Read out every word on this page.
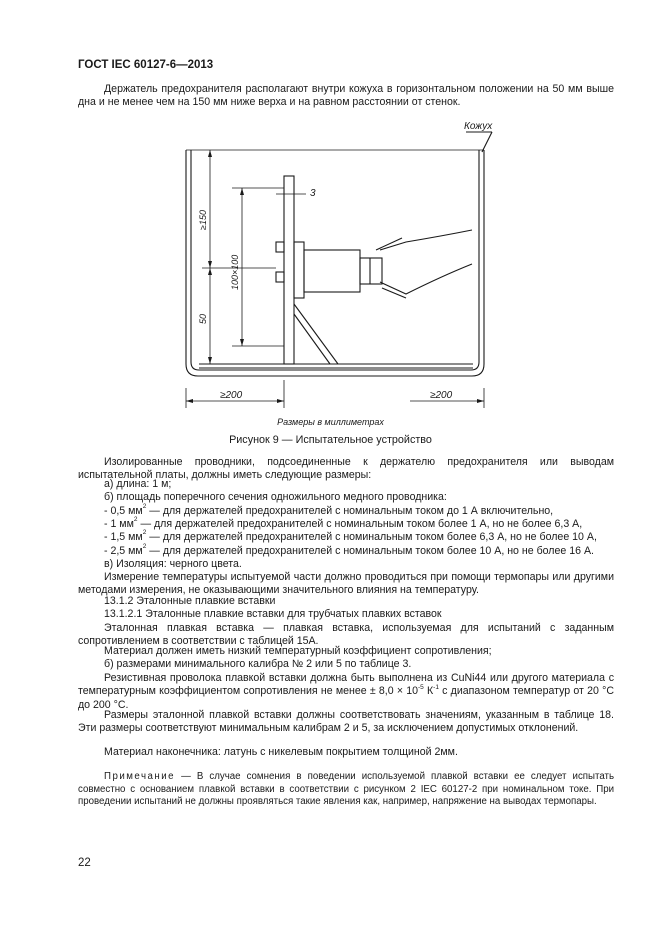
ГОСТ IEC 60127-6—2013

Держатель предохранителя располагают внутри кожуха в горизонтальном положении на 50 мм выше дна и не менее чем на 150 мм ниже верха и на равном расстоянии от стенок.

Кожух
3
≥150
100×100
50
≥200	≥200
Размеры в миллиметрах
Рисунок 9 — Испытательное устройство

Изолированные проводники, подсоединенные к держателю предохранителя или выводам испытательной платы, должны иметь следующие размеры:

а) длина: 1 м;

б) площадь поперечного сечения одножильного медного проводника:

- 0,5 $мм^2$ — для держателей предохранителей с номинальным током до 1 А включительно,

- 1 $мм^2$ — для держателей предохранителей с номинальным током более 1 А, но не более 6,3 А,

- 1,5 $мм^2$ — для держателей предохранителей с номинальным током более 6,3 А, но не более 10 А,

- 2,5 $мм^2$ — для держателей предохранителей с номинальным током более 10 А, но не более 16 А.

в) Изоляция: черного цвета.

Измерение температуры испытуемой части должно проводиться при помощи термопары или другими методами измерения, не оказывающими значительного влияния на температуру.

13.1.2 Эталонные плавкие вставки

13.1.2.1 Эталонные плавкие вставки для трубчатых плавких вставок

Эталонная плавкая вставка — плавкая вставка, используемая для испытаний с заданным сопротивлением в соответствии с таблицей 15А.

Материал должен иметь низкий температурный коэффициент сопротивления;

б) размерами минимального калибра № 2 или 5 по таблице 3.

Резистивная проволока плавкой вставки должна быть выполнена из CuNi44 или другого материала с температурным коэффициентом сопротивления не менее ± $8,0 \times 10^{-5}$ $К^{-1}$ с диапазоном температур от 20 °С до 200 °С.

Размеры эталонной плавкой вставки должны соответствовать значениям, указанным в таблице 18. Эти размеры соответствуют минимальным калибрам 2 и 5, за исключением допустимых отклонений.

Материал наконечника: латунь с никелевым покрытием толщиной 2мм.

Примечание — В случае сомнения в поведении используемой плавкой вставки ее следует испытать совместно с основанием плавкой вставки в соответствии с рисунком 2 IEC 60127-2 при номинальном токе. При проведении испытаний не должны проявляться такие явления как, например, напряжение на выводах термопары.

22
